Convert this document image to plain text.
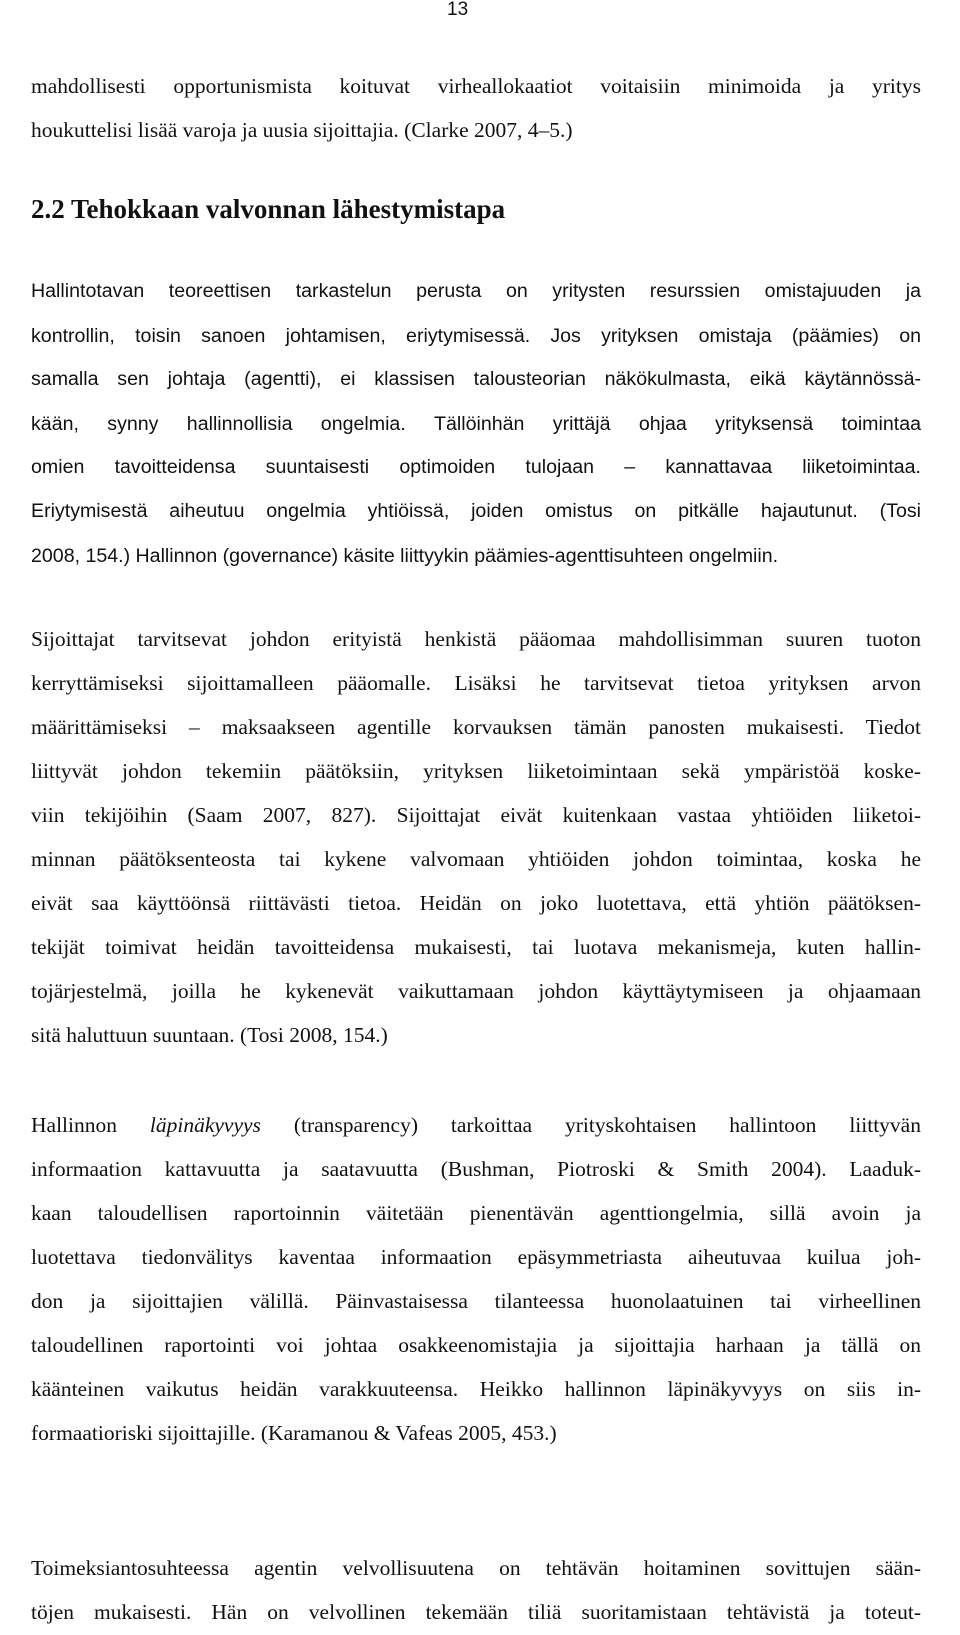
13
mahdollisesti opportunismista koituvat virheallokaatiot voitaisiin minimoida ja yritys
houkuttelisi lisää varoja ja uusia sijoittajia. (Clarke 2007, 4–5.)
2.2 Tehokkaan valvonnan lähestymistapa
Hallintotavan teoreettisen tarkastelun perusta on yritysten resurssien omistajuuden ja
kontrollin, toisin sanoen johtamisen, eriytymisessä. Jos yrityksen omistaja (päämies) on
samalla sen johtaja (agentti), ei klassisen talousteorian näkökulmasta, eikä käytännössä-
kään, synny hallinnollisia ongelmia. Tällöinhän yrittäjä ohjaa yrityksensä toimintaa
omien tavoitteidensa suuntaisesti optimoiden tulojaan – kannattavaa liiketoimintaa.
Eriytymisestä aiheutuu ongelmia yhtiöissä, joiden omistus on pitkälle hajautunut. (Tosi
2008, 154.) Hallinnon (governance) käsite liittyykin päämies-agenttisuhteen ongelmiin.
Sijoittajat tarvitsevat johdon erityistä henkistä pääomaa mahdollisimman suuren tuoton
kerryttämiseksi sijoittamalleen pääomalle. Lisäksi he tarvitsevat tietoa yrityksen arvon
määrittämiseksi – maksaakseen agentille korvauksen tämän panosten mukaisesti. Tiedot
liittyvät johdon tekemiin päätöksiin, yrityksen liiketoimintaan sekä ympäristöä koske-
viin tekijöihin (Saam 2007, 827). Sijoittajat eivät kuitenkaan vastaa yhtiöiden liiketoi-
minnan päätöksenteosta tai kykene valvomaan yhtiöiden johdon toimintaa, koska he
eivät saa käyttöönsä riittävästi tietoa. Heidän on joko luotettava, että yhtiön päätöksen-
tekijät toimivat heidän tavoitteidensa mukaisesti, tai luotava mekanismeja, kuten hallin-
tojärjestelmä, joilla he kykenevät vaikuttamaan johdon käyttäytymiseen ja ohjaamaan
sitä haluttuun suuntaan. (Tosi 2008, 154.)
Hallinnon läpinäkyvyys (transparency) tarkoittaa yrityskohtaisen hallintoon liittyvän
informaation kattavuutta ja saatavuutta (Bushman, Piotroski & Smith 2004). Laaduk-
kaan taloudellisen raportoinnin väitetään pienentävän agenttiongelmia, sillä avoin ja
luotettava tiedonvälitys kaventaa informaation epäsymmetriasta aiheutuvaa kuilua joh-
don ja sijoittajien välillä. Päinvastaisessa tilanteessa huonolaatuinen tai virheellinen
taloudellinen raportointi voi johtaa osakkeenomistajia ja sijoittajia harhaan ja tällä on
käänteinen vaikutus heidän varakkuuteensa. Heikko hallinnon läpinäkyvyys on siis in-
formaatioriski sijoittajille. (Karamanou & Vafeas 2005, 453.)
Toimeksiantosuhteessa agentin velvollisuutena on tehtävän hoitaminen sovittujen sään-
töjen mukaisesti. Hän on velvollinen tekemään tiliä suoritamistaan tehtävistä ja toteut-
